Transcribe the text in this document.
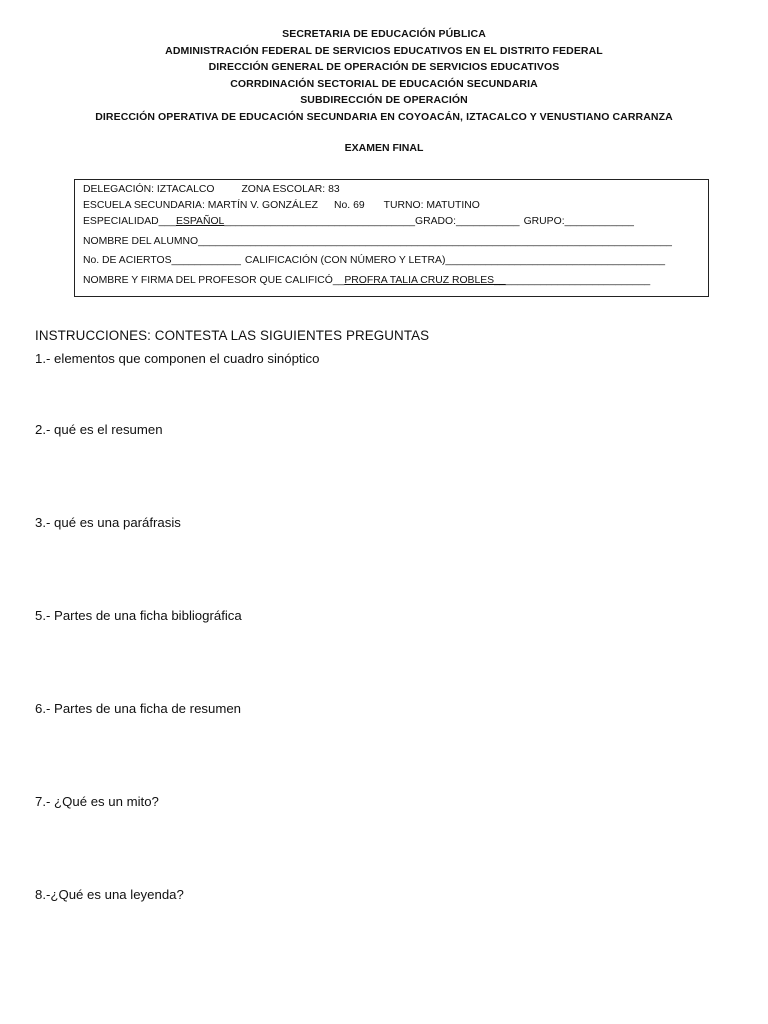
SECRETARIA DE EDUCACIÓN PÚBLICA
ADMINISTRACIÓN FEDERAL DE SERVICIOS EDUCATIVOS EN EL DISTRITO FEDERAL
DIRECCIÓN GENERAL DE OPERACIÓN DE SERVICIOS EDUCATIVOS
CORRDINACIÓN SECTORIAL DE EDUCACIÓN SECUNDARIA
SUBDIRECCIÓN DE OPERACIÓN
DIRECCIÓN OPERATIVA DE EDUCACIÓN SECUNDARIA EN COYOACÁN, IZTACALCO Y VENUSTIANO CARRANZA
EXAMEN FINAL
DELEGACIÓN: IZTACALCO	ZONA ESCOLAR: 83
ESCUELA SECUNDARIA: MARTÍN V. GONZÁLEZ No. 69 TURNO: MATUTINO
ESPECIALIDAD___ESPAÑOL_________________________________GRADO:___________ GRUPO:____________
NOMBRE DEL ALUMNO__________________________________________________________________________________
No. DE ACIERTOS____________ CALIFICACIÓN (CON NÚMERO Y LETRA)______________________________________
NOMBRE Y FIRMA DEL PROFESOR QUE CALIFICÓ__PROFRA TALIA CRUZ ROBLES___________________________
INSTRUCCIONES: CONTESTA LAS SIGUIENTES PREGUNTAS
1.- elementos que componen el cuadro sinóptico
2.- qué es el resumen
3.- qué es una paráfrasis
5.- Partes de una ficha bibliográfica
6.- Partes de una ficha de resumen
7.- ¿Qué es un mito?
8.-¿Qué es una leyenda?
